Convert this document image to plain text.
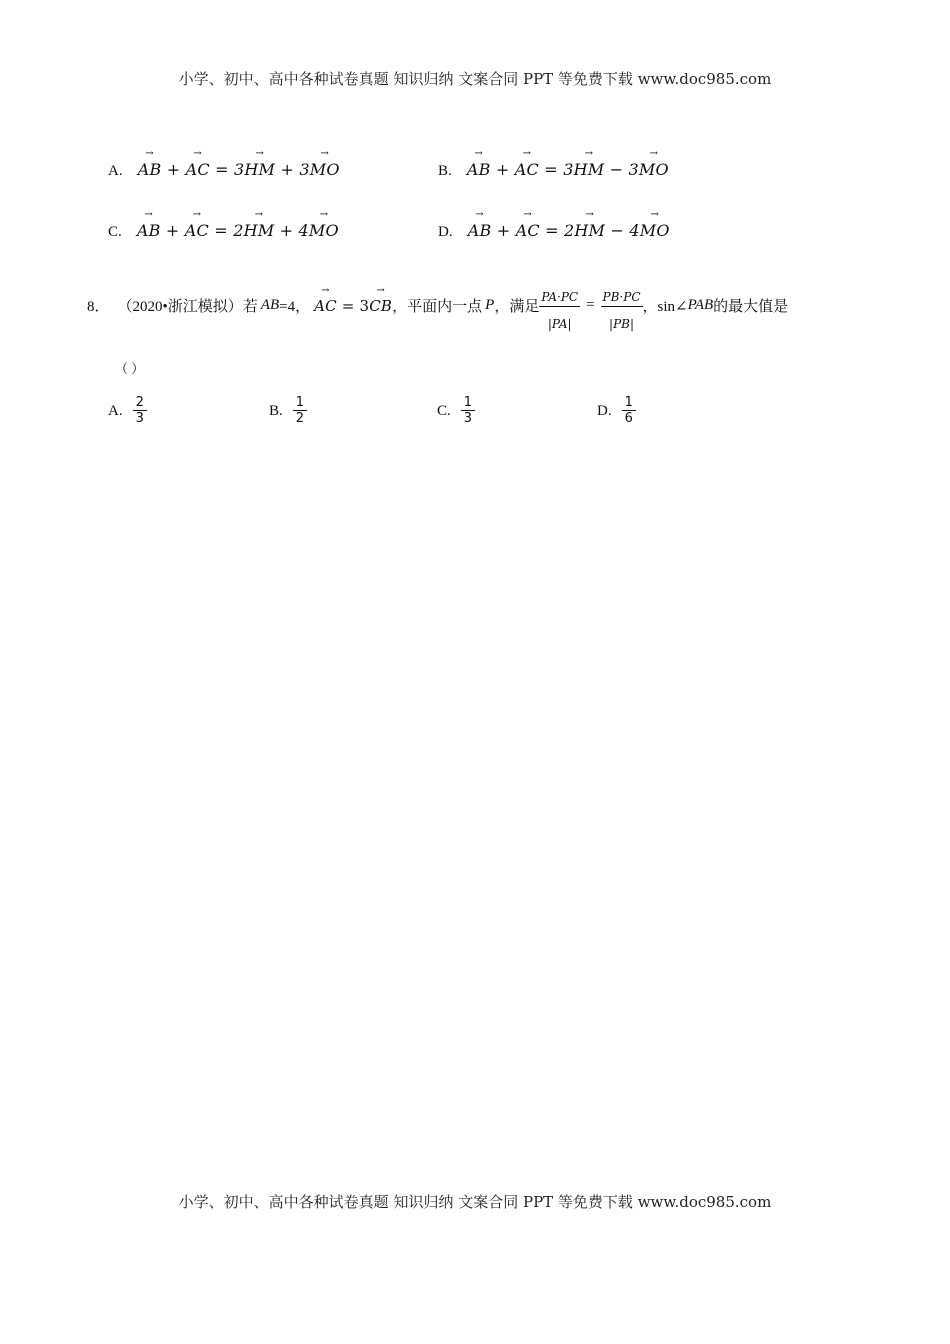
小学、初中、高中各种试卷真题 知识归纳 文案合同 PPT 等免费下载 www.doc985.com
A. → AB + → AC = 3→ HM + 3→ MO	B. → AB + → AC = 3→ HM − 3→ MO
C. → AB + → AC = 2→ HM + 4→ MO	D. → AB + → AC = 2→ HM − 4→ MO
8． （2020•浙江模拟）若 AB =4， → AC = 3→ CB ，平面内一点 P ，满足 $\frac{PA\cdot PC}{|PA|} = \frac{PB\cdot PC}{|PB|}$ ，sin∠ PAB 的最大值是
（ ）
A. $\frac{2}{3}$	B. $\frac{1}{2}$	C. $\frac{1}{3}$	D. $\frac{1}{6}$
小学、初中、高中各种试卷真题 知识归纳 文案合同 PPT 等免费下载 www.doc985.com
